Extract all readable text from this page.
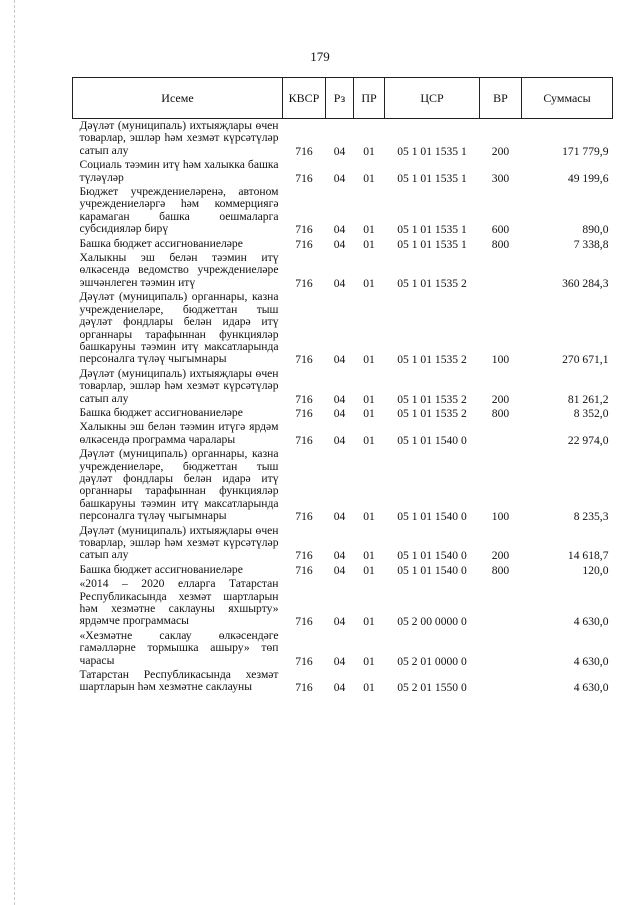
179
Исеме	КВСР	Рз	ПР	ЦСР	ВР	Суммасы
Дәүләт (муниципаль) ихтыяҗлары өчен товарлар, эшләр һәм хезмәт күрсәтүләр сатып алу	716	04	01	05 1 01 1535 1	200	171 779,9
Социаль тәэмин итү һәм халыкка башка түләүләр	716	04	01	05 1 01 1535 1	300	49 199,6
Бюджет учреждениеләренә, автоном учреждениеләргә һәм коммерциягә карамаган башка оешмаларга субсидияләр бирү	716	04	01	05 1 01 1535 1	600	890,0
Башка бюджет ассигнованиеләре	716	04	01	05 1 01 1535 1	800	7 338,8
Халыкны эш белән тәэмин итү өлкәсендә ведомство учреждениеләре эшчәнлеген тәэмин итү	716	04	01	05 1 01 1535 2		360 284,3
Дәүләт (муниципаль) органнары, казна учреждениеләре, бюджеттан тыш дәүләт фондлары белән идарә итү органнары тарафыннан функцияләр башкаруны тәэмин итү максатларында персоналга түләү чыгымнары	716	04	01	05 1 01 1535 2	100	270 671,1
Дәүләт (муниципаль) ихтыяҗлары өчен товарлар, эшләр һәм хезмәт күрсәтүләр сатып алу	716	04	01	05 1 01 1535 2	200	81 261,2
Башка бюджет ассигнованиеләре	716	04	01	05 1 01 1535 2	800	8 352,0
Халыкны эш белән тәэмин итүгә ярдәм өлкәсендә программа чаралары	716	04	01	05 1 01 1540 0		22 974,0
Дәүләт (муниципаль) органнары, казна учреждениеләре, бюджеттан тыш дәүләт фондлары белән идарә итү органнары тарафыннан функцияләр башкаруны тәэмин итү максатларында персоналга түләү чыгымнары	716	04	01	05 1 01 1540 0	100	8 235,3
Дәүләт (муниципаль) ихтыяҗлары өчен товарлар, эшләр һәм хезмәт күрсәтүләр сатып алу	716	04	01	05 1 01 1540 0	200	14 618,7
Башка бюджет ассигнованиеләре	716	04	01	05 1 01 1540 0	800	120,0
«2014 – 2020 елларга Татарстан Республикасында хезмәт шартларын һәм хезмәтне саклауны яхшырту» ярдәмче программасы	716	04	01	05 2 00 0000 0		4 630,0
«Хезмәтне саклау өлкәсендәге гамәлләрне тормышка ашыру» төп чарасы	716	04	01	05 2 01 0000 0		4 630,0
Татарстан Республикасында хезмәт шартларын һәм хезмәтне саклауны	716	04	01	05 2 01 1550 0		4 630,0
